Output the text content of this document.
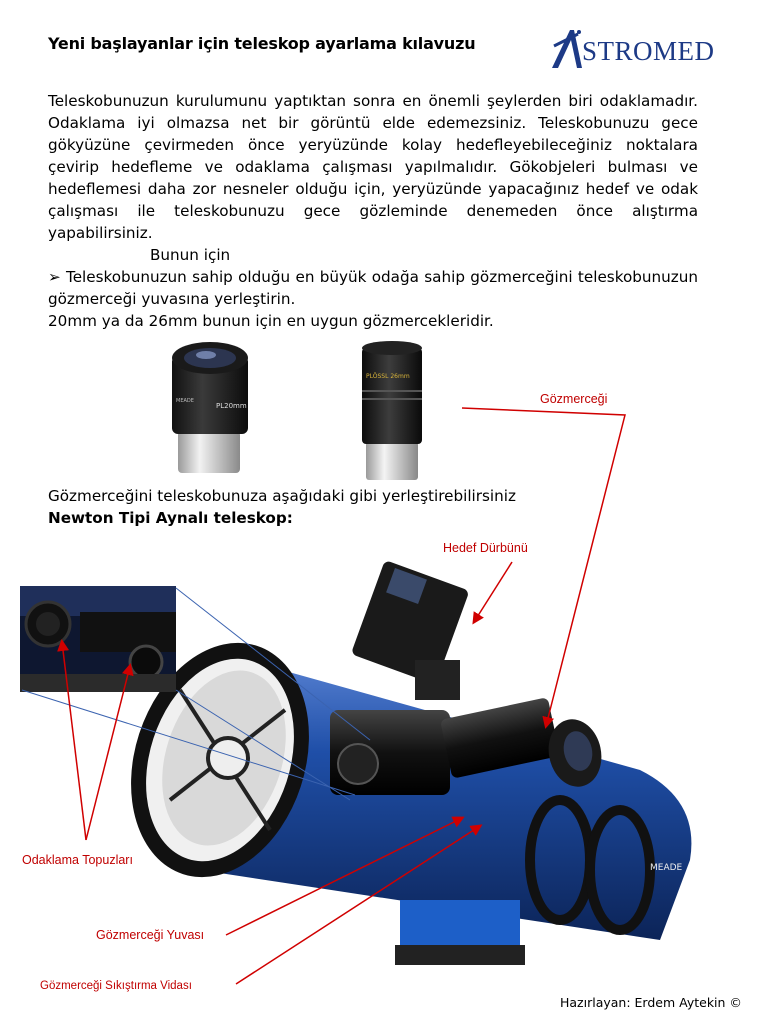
Yeni başlayanlar için teleskop ayarlama kılavuzu	STROMED
Teleskobunuzun kurulumunu yaptıktan sonra en önemli şeylerden biri odaklamadır. Odaklama iyi olmazsa net bir görüntü elde edemezsiniz. Teleskobunuzu gece gökyüzüne çevirmeden önce yeryüzünde kolay hedefleyebileceğiniz noktalara çevirip hedefleme ve odaklama çalışması yapılmalıdır. Gökobjeleri bulması ve hedeflemesi daha zor nesneler olduğu için, yeryüzünde yapacağınız hedef ve odak çalışması ile teleskobunuzu gece gözleminde denemeden önce alıştırma yapabilirsiniz.
Bunun için
➢ Teleskobunuzun sahip olduğu en büyük odağa sahip gözmerceğini teleskobunuzun gözmerceği yuvasına yerleştirin.
20mm ya da 26mm bunun için en uygun gözmercekleridir.
PL20mm
MEADE
PLÖSSL 26mm
Gözmerceğini teleskobunuza aşağıdaki gibi yerleştirebilirsiniz
Newton Tipi Aynalı teleskop:
MEADE
Gözmerceği
Hedef Dürbünü
Odaklama Topuzları
Gözmerceği Yuvası
Gözmerceği Sıkıştırma Vidası
Hazırlayan: Erdem Aytekin ©
